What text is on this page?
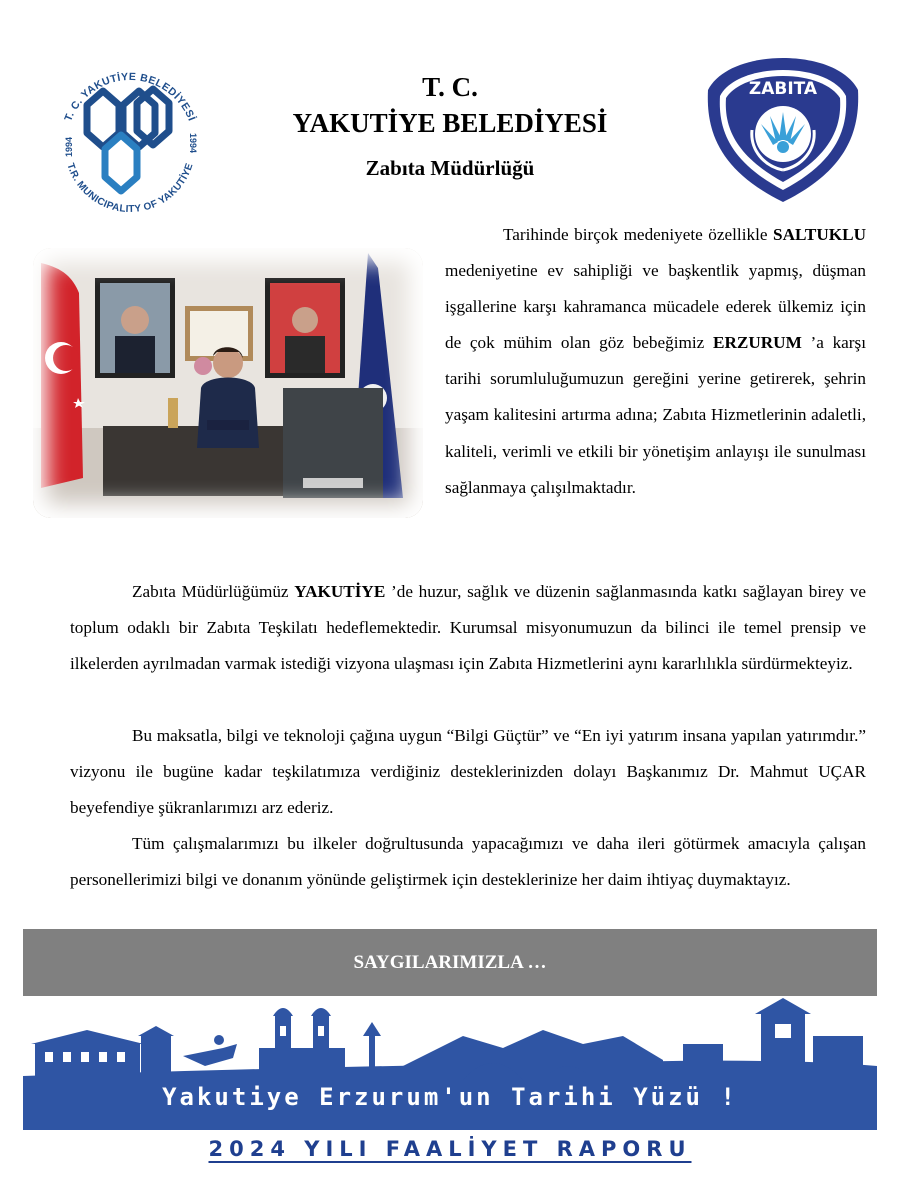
T. C. YAKUTİYE BELEDİYESİ
T.R. MUNICIPALITY OF YAKUTİYE
1994	1994
T. C.
YAKUTİYE BELEDİYESİ
Zabıta Müdürlüğü
ZABITA

Tarihinde birçok medeniyete özellikle SALTUKLU medeniyetine ev sahipliği ve başkentlik yapmış, düşman işgallerine karşı kahramanca mücadele ederek ülkemiz için de çok mühim olan göz bebeğimiz ERZURUM ’a karşı tarihi sorumluluğumuzun gereğini yerine getirerek, şehrin yaşam kalitesini artırma adına; Zabıta Hizmetlerinin adaletli, kaliteli, verimli ve etkili bir yönetişim anlayışı ile sunulması sağlanmaya çalışılmaktadır.

Zabıta Müdürlüğümüz YAKUTİYE ’de huzur, sağlık ve düzenin sağlanmasında katkı sağlayan birey ve toplum odaklı bir Zabıta Teşkilatı hedeflemektedir. Kurumsal misyonumuzun da bilinci ile temel prensip ve ilkelerden ayrılmadan varmak istediği vizyona ulaşması için Zabıta Hizmetlerini aynı kararlılıkla sürdürmekteyiz.

Bu maksatla, bilgi ve teknoloji çağına uygun “Bilgi Güçtür” ve “En iyi yatırım insana yapılan yatırımdır.” vizyonu ile bugüne kadar teşkilatımıza verdiğiniz desteklerinizden dolayı Başkanımız Dr. Mahmut UÇAR beyefendiye şükranlarımızı arz ederiz.

Tüm çalışmalarımızı bu ilkeler doğrultusunda yapacağımızı ve daha ileri götürmek amacıyla çalışan personellerimizi bilgi ve donanım yönünde geliştirmek için desteklerinize her daim ihtiyaç duymaktayız.

SAYGILARIMIZLA …
Yakutiye Erzurum'un Tarihi Yüzü !
2024 YILI FAALİYET RAPORU
